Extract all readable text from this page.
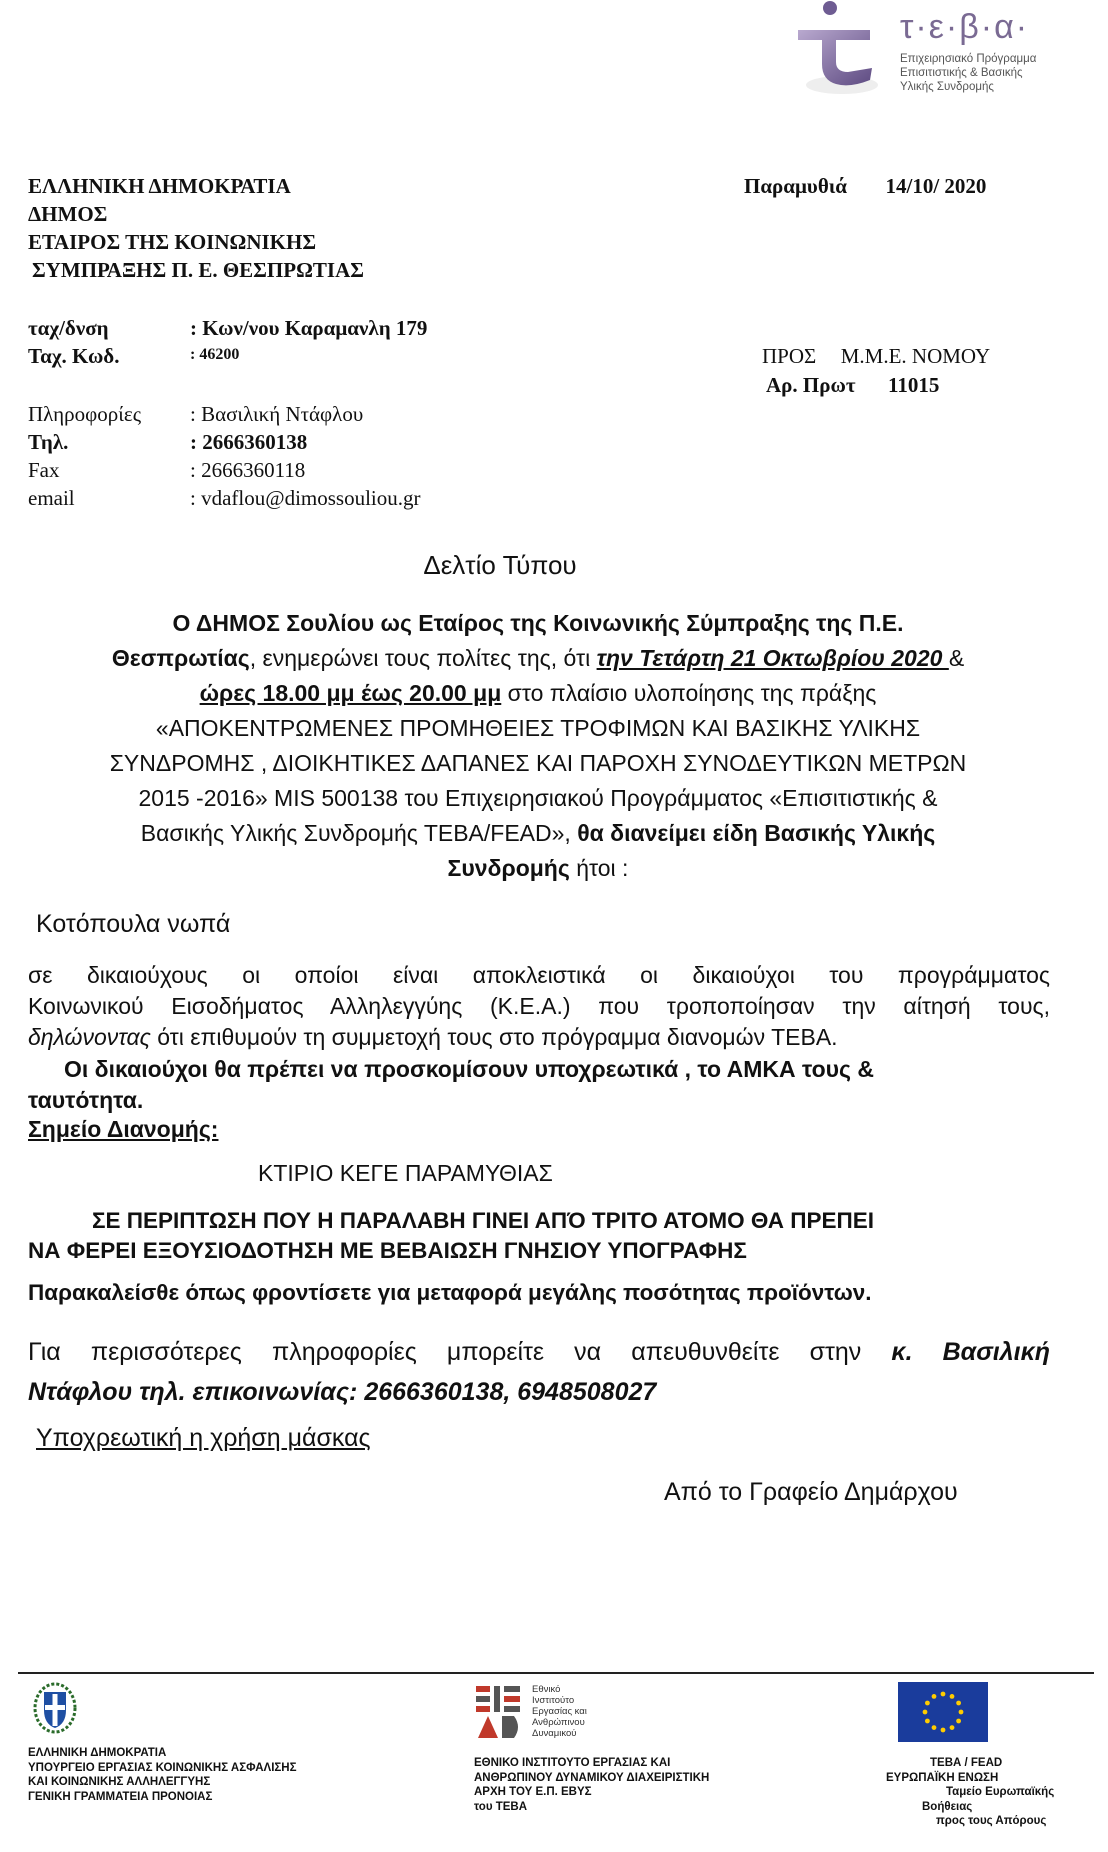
τ·ε·β·α·
Επιχειρησιακό Πρόγραμμα
Επισιτιστικής & Βασικής
Υλικής Συνδρομής
ΕΛΛΗΝΙΚΗ ΔΗΜΟΚΡΑΤΙΑ
ΔΗΜΟΣ
ΕΤΑΙΡΟΣ ΤΗΣ ΚΟΙΝΩΝΙΚΗΣ
ΣΥΜΠΡΑΞΗΣ Π. Ε. ΘΕΣΠΡΩΤΙΑΣ
Παραμυθιά 14/10/ 2020
ταχ/δνση	: Κων/νου Καραμανλη 179
Ταχ. Κωδ.	: 46200	ΠΡΟΣ Μ.Μ.Ε. ΝΟΜΟΥ
Αρ. Πρωτ 11015
Πληροφορίες : Βασιλική Ντάφλου
Τηλ.	: 2666360138
Fax	: 2666360118
email	: vdaflou@dimossouliou.gr
Δελτίο Τύπου
Ο ΔΗΜΟΣ Σουλίου ως Εταίρος της Κοινωνικής Σύμπραξης της Π.Ε.
Θεσπρωτίας, ενημερώνει τους πολίτες της, ότι την Τετάρτη 21 Οκτωβρίου 2020 &
ώρες 18.00 μμ έως 20.00 μμ στο πλαίσιο υλοποίησης της πράξης
«ΑΠΟΚΕΝΤΡΩΜΕΝΕΣ ΠΡΟΜΗΘΕΙΕΣ ΤΡΟΦΙΜΩΝ ΚΑΙ ΒΑΣΙΚΗΣ ΥΛΙΚΗΣ
ΣΥΝΔΡΟΜΗΣ , ΔΙΟΙΚΗΤΙΚΕΣ ΔΑΠΑΝΕΣ ΚΑΙ ΠΑΡΟΧΗ ΣΥΝΟΔΕΥΤΙΚΩΝ ΜΕΤΡΩΝ
2015 -2016» MIS 500138 του Επιχειρησιακού Προγράμματος «Επισιτιστικής &
Βασικής Υλικής Συνδρομής ΤΕΒΑ/FEAD», θα διανείμει είδη Βασικής Υλικής
Συνδρομής ήτοι :
Κοτόπουλα νωπά
σε δικαιούχους οι οποίοι είναι αποκλειστικά οι δικαιούχοι του προγράμματος
Κοινωνικού Εισοδήματος Αλληλεγγύης (Κ.Ε.Α.) που τροποποίησαν την αίτησή τους,
δηλώνοντας ότι επιθυμούν τη συμμετοχή τους στο πρόγραμμα διανομών ΤΕΒΑ.
Οι δικαιούχοι θα πρέπει να προσκομίσουν υποχρεωτικά , το ΑΜΚΑ τους &
ταυτότητα.
Σημείο Διανομής:
ΚΤΙΡΙΟ ΚΕΓΕ ΠΑΡΑΜΥΘΙΑΣ
ΣΕ ΠΕΡΙΠΤΩΣΗ ΠΟΥ Η ΠΑΡΑΛΑΒΗ ΓΙΝΕΙ ΑΠΌ ΤΡΙΤΟ ΑΤΟΜΟ ΘΑ ΠΡΕΠΕΙ
ΝΑ ΦΕΡΕΙ ΕΞΟΥΣΙΟΔΟΤΗΣΗ ΜΕ ΒΕΒΑΙΩΣΗ ΓΝΗΣΙΟΥ ΥΠΟΓΡΑΦΗΣ
Παρακαλείσθε όπως φροντίσετε για μεταφορά μεγάλης ποσότητας προϊόντων.
Για περισσότερες πληροφορίες μπορείτε να απευθυνθείτε στην κ. Βασιλική
Ντάφλου τηλ. επικοινωνίας: 2666360138, 6948508027
Υποχρεωτική η χρήση μάσκας
Από το Γραφείο Δημάρχου
ΕΛΛΗΝΙΚΗ ΔΗΜΟΚΡΑΤΙΑ
ΥΠΟΥΡΓΕΙΟ ΕΡΓΑΣΙΑΣ ΚΟΙΝΩΝΙΚΗΣ ΑΣΦΑΛΙΣΗΣ
ΚΑΙ ΚΟΙΝΩΝΙΚΗΣ ΑΛΛΗΛΕΓΓΥΗΣ
ΓΕΝΙΚΗ ΓΡΑΜΜΑΤΕΙΑ ΠΡΟΝΟΙΑΣ
Εθνικό
Ινστιτούτο
Εργασίας και
Ανθρώπινου
Δυναμικού
ΕΘΝΙΚΟ ΙΝΣΤΙΤΟΥΤΟ ΕΡΓΑΣΙΑΣ ΚΑΙ
ΑΝΘΡΩΠΙΝΟΥ ΔΥΝΑΜΙΚΟΥ ΔΙΑΧΕΙΡΙΣΤΙΚΗ
ΑΡΧΗ ΤΟΥ Ε.Π. ΕΒΥΣ
του ΤΕΒΑ
ΤΕΒΑ / FEAD
ΕΥΡΩΠΑΪΚΗ ΕΝΩΣΗ
Ταμείο Ευρωπαϊκής
Βοήθειας
προς τους Απόρους
